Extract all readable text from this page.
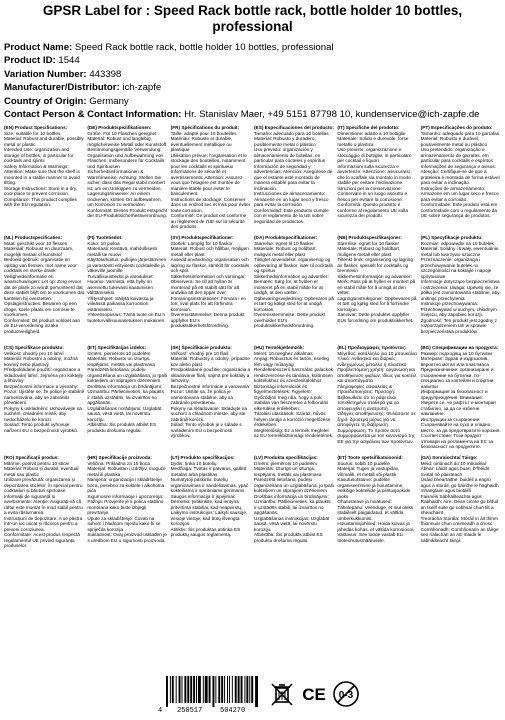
GPSR Label for : Speed Rack bottle rack, bottle holder 10 bottles, professional
Product Name: Speed Rack bottle rack, bottle holder 10 bottles, professional
Product ID: 1544
Variation Number: 443398
Manufacturer/Distributor: ich-zapfe
Country of Origin: Germany
Contact Person & Contact Information: Hr. Stanislav Maer, +49 5151 87798 10, kundenservice@ich-zapfe.de
(EN) Product Specifications:
Size: suitable for 10 bottles
Material: Robust and durable, possibly metal or plastic
Intended Use: organization and storage of bottles, in particular for cocktails and spirits
Safety Information & Warnings: Attention: Make sure that the shelf is mounted in a stable manner to avoid tilting.
Storage Instructions: Store in a dry, cool place to prevent corrosion.
Compliance: This product complies with the EU regulation.
(DE) Produktspezifikationen:
Größe: Für 10 Flaschen geeignet
Material: Robust und langlebig, möglicherweise Metall oder Kunststoff
Bestimmungsgemäße Verwendung: Organisation und Aufbewahrung von Flaschen, insbesondere für Cocktails und Spirituosen
Sicherheitsinformationen & Warnhinweise: Achtung: Stellen Sie sicher, dass das Regal stabil montiert ist, um ein Umkippen zu vermeiden.
Lagerungshinweise: An einem trockenen, kühlen Ort aufbewahren, um Korrosion zu vermeiden.
Konformität: Dieses Produkt entspricht der EU-Produktsicherheitsverordnung.
(FR) Spécifications du produit:
Taille: adapté pour 10 bouteilles
Matériau: Robuste et durable, éventuellement métallique ou plastique
Utilisation prévue: l'organisation et le stockage des bouteilles, notamment pour les cocktails et spiritueux
Informations de sécurité et avertissements: Attention: Assurez-vous que l'étagère est montée de manière stable pour éviter le basculement.
Instructions de stockage: Conserver dans un endroit sec et frais pour éviter toute corrosion.
Conformité: Ce produit est conforme au règlement de l'UE sur la sécurité des produits.
(ES) Especificaciones del producto:
Tamaño: adecuado para 10 botellas
Material: Robusto y duradero, posiblemente metal o plástico
Uso previsto: organización y almacenamiento de botellas, en particular para cócteles y espíritus
Información de seguridad y advertencias: Atención: Asegúrese de que el estante esté montado de manera estable para evitar la inclinación.
Instrucciones de almacenamiento: Almacene en un lugar seco y fresco para evitar la corrosión.
Conformidad: Este producto cumple con el reglamento de la UE sobre seguridad de productos.
(IT) Specifiche del prodotto:
Dimensione: adatto a 10 bottiglie
Materiale: Solido e durevole, forse metallo o plastica
Uso previsto: organizzazione e stoccaggio di bottiglie, in particolare per cocktail e liquori
Informazioni sulla sicurezza e avvertenze: Attenzione: assicurarsi che lo scaffale sia montato in modo stabile per evitare l'inclinazione.
Istruzioni per la conservazione: Conservare in un luogo asciutto e fresco per evitare la corrosione.
Conformità: Questo prodotto è conforme al regolamento UE sulla sicurezza dei prodotti.
(PT) Especificações do produto:
Tamanho: adequado para 10 garrafas
Material: Robusto e durável, possivelmente metal ou plástico
Uso pretendido: organização e armazenamento de garrafas, em particular para cocktails e espíritos
Informações de segurança e avisos: Atenção: Certifique-se de que a prateleira é montada de forma estável para evitar a inclinação.
Instruções de armazenamento: Armazene em um lugar seco e fresco para evitar a corrosão.
Conformidade: Este produto está em conformidade com o regulamento da UE sobre segurança de produtos.
(NL) Productspecificaties:
Maat: geschikt voor 10 flessen
Materiaal: Robuust en duurzaam, mogelijk metaal of kunststof
Bedoeld gebruik: organisatie en opslag van flessen, met name voor cocktails en sterke drank
Veiligheidsinformatie en waarschuwingen: Let op: Zorg ervoor dat de plank zo wordt gemonteerd dat deze stabiel blijft om te voorkomen dat kantelen hij overzetten.
Opslaginstructies: Bewaren op een droge, koele plaats om corrosie te voorkomen.
Conformiteit: Dit product voldoet aan de EU-verordening inzake productveiligheid.
(FI) Tuotetiedot:
Koko: 10 pulloa
Materiaali: Kestävä, mahdollisesti metalli tai muovi
Käyttötarkoitus: pullojen järjestäminen ja varastointi erityisesti cocktaileille ja väkeville juomille
Turvallisuustiedot ja varoitukset: Huomio: Varmista, että hylly on asennettu tukevasti kaatumisen välttämiseksi.
Yllitysohjeet: Säilytä kuivassa ja viileässä paikassa korroosion estämiseksi.
Yhteensopivuus: Tämä tuote on EU:n tuoteturvallisuusasetuksen mukainen.
(SV) Produktspecifikationer:
Storlek: Lämplig för 10 flaskor
Material: Robust och hållbar, möjligen metall eller plast
Avsedd användning: organisation och lagring av flaskor, särskilt för cocktails och sprit
Säkerhetsinformation och varningar: Observera: Se till att hyllan är monterad på ett stabilt sätt för att undvika att den tippar över.
Förvaringsinstruktioner: Förvara i en torr, sval plats för att förhindra korrosion.
Överensstämmelse: Denna produkt uppfyller EU:s produktsäkerhetsförordning.
(DA) Produktspecifikationer:
Størrelse: egnet til 10 flasker
Materiale: Robust og holdbart, muligvis metal eller plast
Tilsigtet anvendelse: organisering og opbevaring af flasker, især til cocktails og spiritus
Sikkerhedsinformation og advarsler: Bemærk: Sørg for, at hylden er monteret på en stabil måde for at undgå, at den vælter.
Opbevaringsvejledning: Opbevares på et tørt og køligt sted for at undgå korrosion.
Overensstemmelse: Dette produkt overholder EU's produktsikkerhedsforordning.
(NB) Produktspesifikasjoner:
Størrelse: egnet for 10 flasker
Materiale: Robust og holdbart, muligens metall eller plast
Tiltenkt bruk: organisering og lagring av flasker, spesielt for cocktails og brennevin
Sikkerhetsinformasjon og advarsler: Merk: Pass på at hyllen er montert på en stabil måte for å unngå at den velter.
Lagringsinstruksjoner: Oppbevares på et tørt og kjølig sted for å forhindre korrosjon.
Samsvar: Dette produktet oppfyller EUs forordning om produktsikkerhet.
(PL) Specyfikacje produktu:
Rozmiar: odpowiedni na 10 butelek
Materiał: Solidny i trwały, ewentualnie metal lub tworzywo sztuczne
Przeznaczenie: organizacja i przechowywanie butelek, w szczególności na koktajle i napoje spirytusowe
Informacje dotyczące bezpieczeństwa i ostrzeżenia: Uwaga: Upewnij się, że półka jest zamontowana stabilnie, aby uniknąć przechylenia.
Instrukcje przechowywania: Przechowywać w suchym, chłodnym miejscu, aby zapobiec korozji.
Zgodność: Ten produkt jest zgodny z rozporządzeniem UE w sprawie bezpieczeństwa produktów.
(CS) Specifikace produktu:
Velikost: vhodný pro 10 lahví
Materiál: Robustní a odolný, možná kovový nebo plastový
Předpokládané použití: organizace a skladování lahví, zejména pro koktejly a lihoviny
Bezpečnostní informace a výstrahy: Pozor: Ujistěte se, že police je stabilně namontována, aby se zabránilo převrácení.
Pokyny k uskladnění: Uchovávejte na suchém, chladném místě, aby nedocházelo ke korozi.
Soulad: Tento produkt vyhovuje nařízení EU o bezpečnosti výrobků.
(ET) Specifikācijas izdeks:
Izmērs: piemērots 10 pudelēm
Materiāls: Robusts un izturīgs, iespējams, metāls vai plastmasa
Paredzētā lietošana: pudeļu organizēšana un uzglabāšana, jo īpaši kokteiļiem un stiprajiem dzērieniem
Drošības informācija un brīdinājumi: Uzmanību: Pārliecinieties, ka plaukts ir stabili uzstādīts, lai izvairītos no apgāšanās.
Uzglabāšanas norādījumi: Uzglabāt sausā, vēsā vietā, lai novērstu koroziju.
Atbilstība: Šis produkts atbilst ES produktu drošuma regulai.
(SK) Špecifikácie produktu:
Veľkosť: vhodný pre 10 fliaš
Materiál: Robustný a odolný, prípadne kov alebo plast
Predpokladané použitie: organizácia a skladovanie fliaš, najmä pre koktaily a liehoviny
Bezpečnostné informácie a varovania: Pozor: Uistite sa, že polica je namontovaná stabilne, aby sa zabránilo prevráteniu.
Pokyny na skladovanie: Skladujte na suchom a chladnom mieste, aby ste zabránili korózii.
Súlad: Tento výrobok je v súlade s nariadením EÚ o bezpečnosti výrobkov.
(HU) Termékjellemzők:
Méret: 10 üveghez alkalmas
Anyag: Robusztus és tartós, esetleg fém vagy műanyag
Rendeltetésszerű használat: palackok rendszerezése és tárolása, különösen koktélokhoz és szeszesitalokhoz
Biztonsági információk és figyelmeztetések: Figyelem: Győződjön meg róla, hogy a polc stabilan van felszerelve a felborulás elkerülése érdekében.
Tárolási utasítások: Száraz, hűvös helyen tárolja a korrózió megelőzése érdekében.
Megfelelőség: Ez a termék megfelel az EU termékbiztonsági rendeletének.
(EL) Προδιαγραφές προϊόντος:
Μέγεθος: κατάλληλο για 10 μπουκάλια
Υλικό: Ανθεκτικό και διαρκές, ενδεχομένως μέταλλο ή πλαστικό
Προβλεπόμενη χρήση: οργάνωση και αποθήκευση φιαλών, ιδίως για κοκτέιλ και αποστάγματα
Πληροφορίες ασφαλείας & Προειδοποιήσεις: Προσοχή: Βεβαιωθείτε ότι το ράφι είναι τοποθετημένο σταθερά για να αποφευχθεί η ανατροπή.
Οδηγίες αποθήκευσης: Φυλάσσετε σε ξηρό, δροσερό μέρος για να αποφύγετε τη διάβρωση.
Συμμόρφωση: Το προϊόν αυτό συμμορφώνεται με τον κανονισμό της ΕΕ για την ασφάλεια των προϊόντων.
(BG) Спецификации на продукта:
Размер: подходящ за 10 бутилки
Материал: Здрав и издръжлив, вероятно метал или пластмаса
Предназначение: организиране и съхранение на бутилки, по-специално за коктейли и спиртни напитки
Информация за безопасност и предупреждения: Внимание: Уверете се, че рафтът е монтиран стабилно, за да се избегне накланяне.
Инструкции за съхранение: Съхранявайте на сухо и хладно място, за да предотвратите корозия.
Съответствие: Този продукт отговаря на регламента на ЕС за безопасност на продуктите.
(RO) Specificații produs:
Mărime: potrivit pentru 10 sticle
Material: Robust și durabil, eventual metal sau plastic
Utilizare prevăzută: organizarea și depozitarea sticlelor, în special pentru cocktailuri și băuturi spirtoase
Informații de siguranță și avertismente: Atenție: Asigurați-vă că raftul este montat în mod stabil pentru a evita răsturnarea.
Instrucțiuni de depozitare: A se păstra într-un loc uscat și răcoros pentru a preveni coroziunea.
Conformitate: Acest produs respectă regulamentul UE privind siguranța produselor.
(HR) Specifikacije proizvoda:
Veličina: Prikladna za 10 boca
Materijal: Robustan i izdržljiv, moguće metal ili plastika
Namjena: organizacija i skladištenje boca, posebno za koktele i alkoholna pića
Sigurnosne informacije i upozorenja: Pažnja: Provjerite je li polica stabilno montirana kako biste izbjegli prevrtanje.
Upute za skladištenje: Čuvati na suhom i hladnom mjestu kako bi se spriječila korozija.
Sukladnost: Ovaj proizvod usklađen je s uredbom EU o sigurnosti proizvoda.
(LT) Produkto specifikacijos:
Dydis: tinka 10 butelių
Medžiaga: Tvirtas ir patvarus, galbūt metalas arba plastikas
Numatytoji paskirtis: butelių organizavimas ir sandėliavimas, ypač kokteiliams ir spiritiniams gėrimams
Saugos informacija ir įspėjimai: Dėmesio: Įsitikinkite, kad lentyna pritvirtinta stabiliai, kad neapvirstų.
Laikymo instrukcijos: Laikyti sausoje, vėsioje vietoje, kad būtų išvengta korozijos.
Atitiktis: Šis produktas atitinka ES produktų saugos reglamentą.
(LV) Produkta specifikācijas:
Izmērs: piemērots 10 pudelēm
Materiāls: Izturīgs un izturīgs, iespējams, metāls vai plastmasa
Paredzētā lietošana: pudeļu organizēšana un uzglabāšana, jo īpaši kokteiļiem un stiprajiem dzērieniem
Drošības informācija un brīdinājumi: Uzmanību: Pārliecinieties, ka plaukts ir uzstādīts stabili, lai izvairītos no apgāšanās.
Uzglabāšanas instrukcijas: Uzglabāt sausā, vēsā vietā, lai novērstu koroziju.
Atbilstība: Šis produkts atbilst ES produktu drošuma regulai.
(ET) Toote spetsifikatsioonid:
Suurus: sobib 10 pudelile
Materjal: Tugev ja vastupidav, võimalik, et metall või plastik
Kasutusotstarve: pudelite organiseerimine ja hoiustamine, eelkõige kokteilide ja piiritusjookide jaoks
Ohutusteave ja hoiatused: Tähelepanu: Veenduge, et riiul oleks stabiilselt paigaldatud, et vältida ümberkukkumist.
Hoiustamisjuhised: Hoida kuivas ja jahedas kohas, et vältida korrosiooni.
Vastavus: See toode vastab ELi tooteohutusmäärusele.
(GA) Sonraíochtaí Táirge:
Méid: oiriúnach do 10 mbuidéal
Ábhar: Láidir agus buan, b'fhéidir miotal nó plaisteach
Úsáid bheartaithe: buidéil a eagrú agus a stóráil, go háirithe le haghaidh mhanglaim agus biotáillí
Faisnéis Sábháilteachta agus Rabhaidh: Aire: Déan cinnte go bhfuil an tseilf suite go cobhsaí chun tilt a sheachaint.
Treoracha Stórála: Stóráil in áit thirim fhionnuar chun creimeadh a chosc.
Comhlíonadh: Comhlíonann an táirge seo rialachán an AE maidir le sábháilteacht táirgí.
4 250517	504270
CE 0-3
